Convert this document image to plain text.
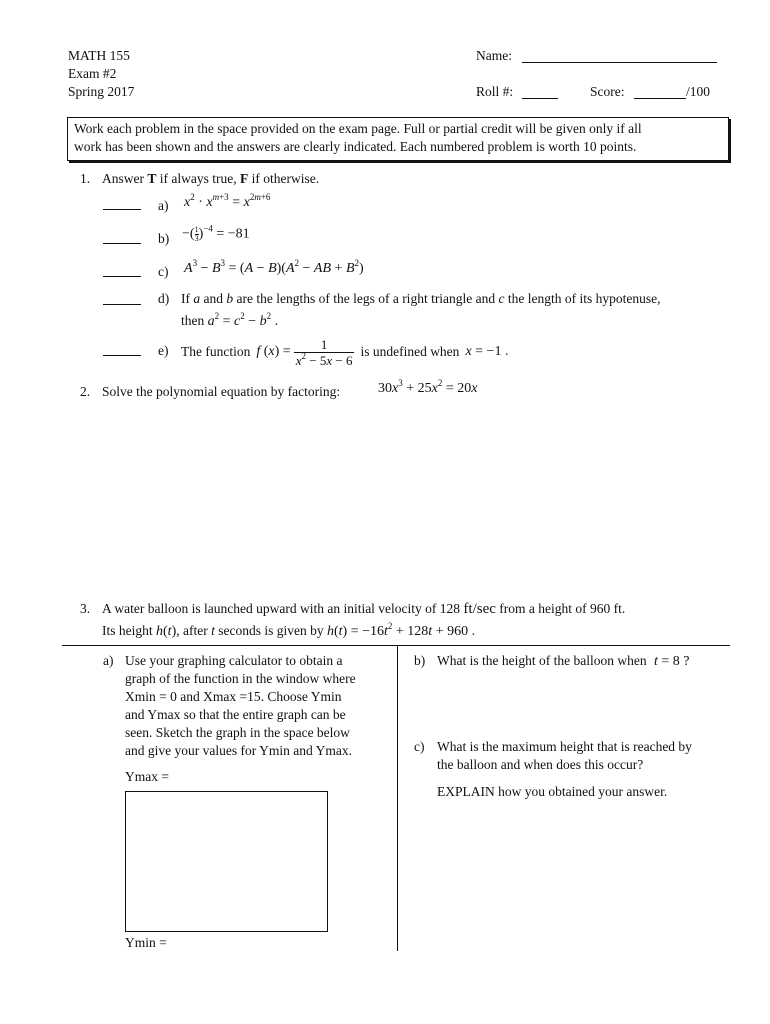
MATH 155
Exam #2
Spring 2017
Name:
Roll #:	Score:	/100
Work each problem in the space provided on the exam page. Full or partial credit will be given only if all
work has been shown and the answers are clearly indicated. Each numbered problem is worth 10 points.
1. Answer T if always true, F if otherwise.
a) $x^2 \cdot x^{m+3} = x^{2m+6}$
b) −( $\frac{1}{3} )^{-4} = -81$
c) $A^3 - B^3 = (A - B)(A^2$ − AB + $B^2$)
d) If a and b are the lengths of the legs of a right triangle and c the length of its hypotenuse,
then $a^2 = c^2 - b^2$ .
e) The function f $(x) = \frac{1}{x^2 - 5x - 6}$ is undefined when x = −1 .
2. Solve the polynomial equation by factoring:	$30x^3 + 25x^2 = 20x$
3. A water balloon is launched upward with an initial velocity of 128 ft/sec from a height of 960 ft.
Its height h(t), after t seconds is given by $h(t) = -16t^2 + 128t + 960$ .
a) Use your graphing calculator to obtain a
graph of the function in the window where
Xmin = 0 and Xmax =15. Choose Ymin
and Ymax so that the entire graph can be
seen. Sketch the graph in the space below
and give your values for Ymin and Ymax.
Ymax =
Ymin =
b) What is the height of the balloon when t = 8 ?
c) What is the maximum height that is reached by
the balloon and when does this occur?
EXPLAIN how you obtained your answer.
